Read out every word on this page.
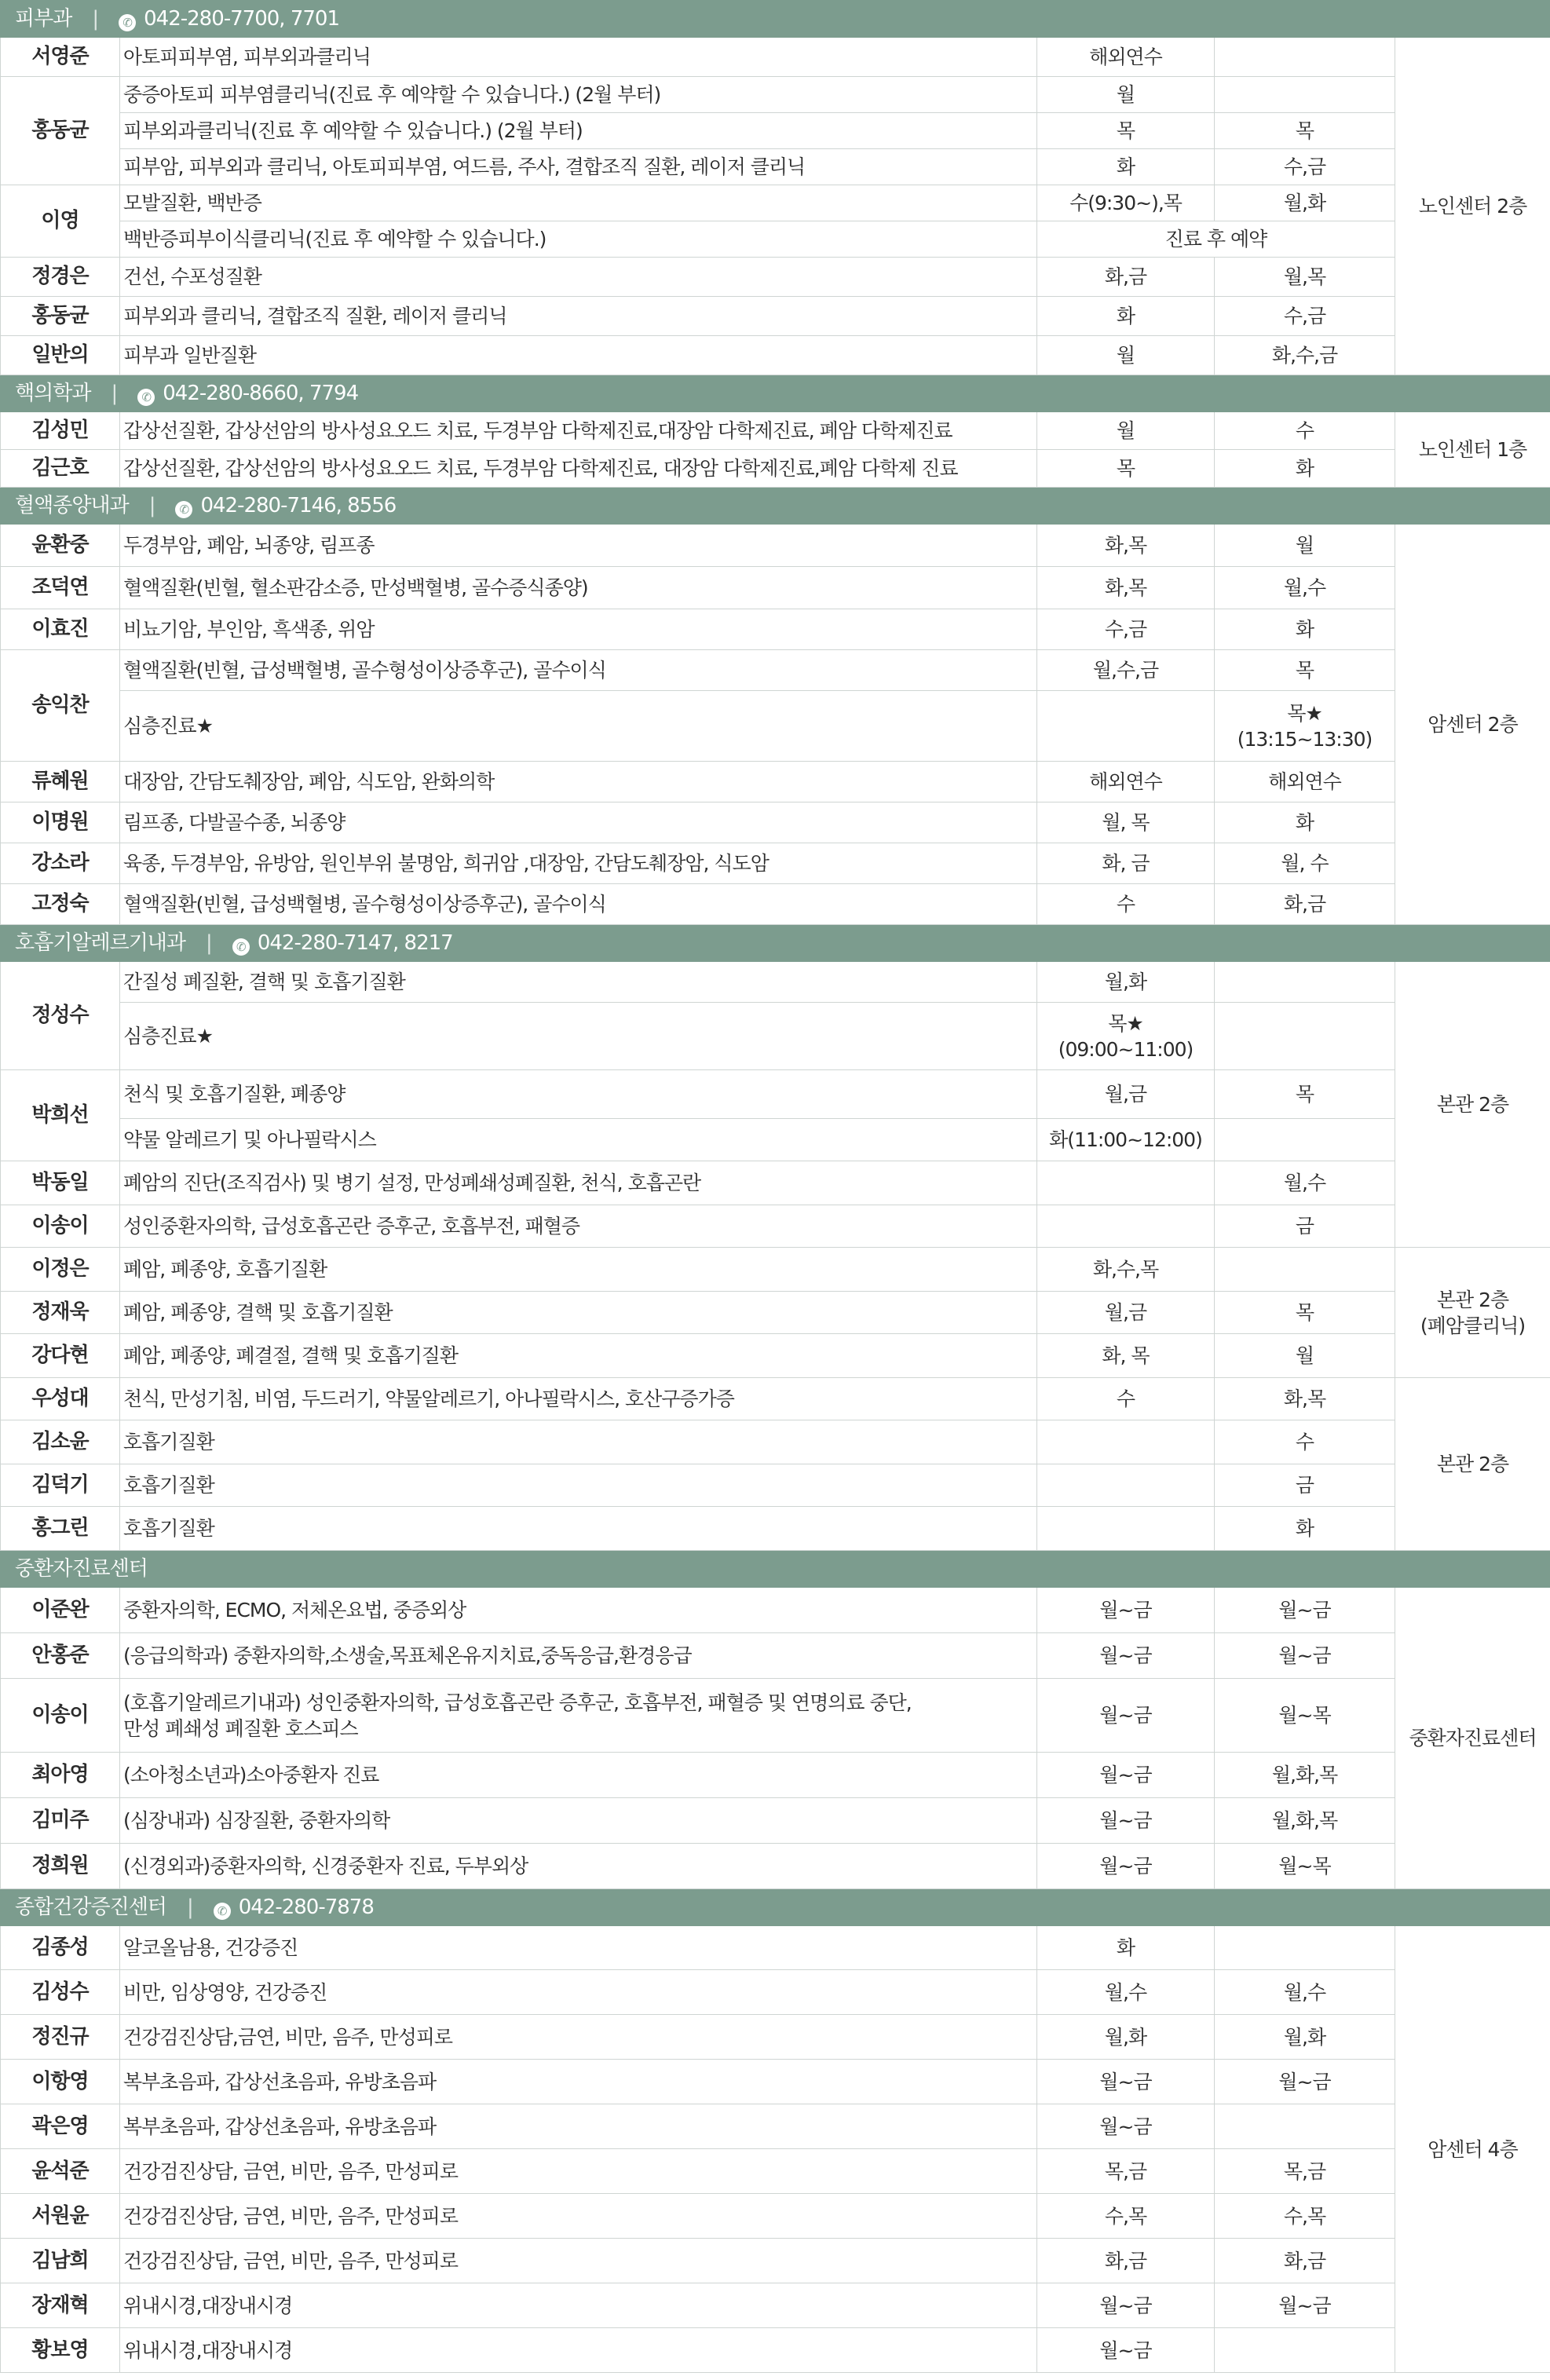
피부과 | ✆ 042-280-7700, 7701				
서영준	아토피피부염, 피부외과클리닉	해외연수		노인센터 2층
홍동균	중증아토피 피부염클리닉(진료 후 예약할 수 있습니다.) (2월 부터)	월		
	피부외과클리닉(진료 후 예약할 수 있습니다.) (2월 부터)	목	목	
	피부암, 피부외과 클리닉, 아토피피부염, 여드름, 주사, 결합조직 질환, 레이저 클리닉	화	수,금	
이영	모발질환, 백반증	수(9:30~),목	월,화	
	백반증피부이식클리닉(진료 후 예약할 수 있습니다.)	진료 후 예약		
정경은	건선, 수포성질환	화,금	월,목	
홍동균	피부외과 클리닉, 결합조직 질환, 레이저 클리닉	화	수,금	
일반의	피부과 일반질환	월	화,수,금	
핵의학과 | ✆ 042-280-8660, 7794				
김성민	갑상선질환, 갑상선암의 방사성요오드 치료, 두경부암 다학제진료,대장암 다학제진료, 폐암 다학제진료	월	수	노인센터 1층
김근호	갑상선질환, 갑상선암의 방사성요오드 치료, 두경부암 다학제진료, 대장암 다학제진료,폐암 다학제 진료	목	화	
혈액종양내과 | ✆ 042-280-7146, 8556				
윤환중	두경부암, 폐암, 뇌종양, 림프종	화,목	월	암센터 2층
조덕연	혈액질환(빈혈, 혈소판감소증, 만성백혈병, 골수증식종양)	화,목	월,수	
이효진	비뇨기암, 부인암, 흑색종, 위암	수,금	화	
송익찬	혈액질환(빈혈, 급성백혈병, 골수형성이상증후군), 골수이식	월,수,금	목	
	심층진료★		목★
(13:15~13:30)	

류혜원	대장암, 간담도췌장암, 폐암, 식도암, 완화의학	해외연수	해외연수	
이명원	림프종, 다발골수종, 뇌종양	월, 목	화	
강소라	육종, 두경부암, 유방암, 원인부위 불명암, 희귀암 ,대장암, 간담도췌장암, 식도암	화, 금	월, 수	
고정숙	혈액질환(빈혈, 급성백혈병, 골수형성이상증후군), 골수이식	수	화,금	
호흡기알레르기내과 | ✆ 042-280-7147, 8217				
정성수	간질성 폐질환, 결핵 및 호흡기질환	월,화		본관 2층
	심층진료★	목★
(09:00~11:00)		

박희선	천식 및 호흡기질환, 폐종양	월,금	목	
	약물 알레르기 및 아나필락시스	화(11:00~12:00)		
박동일	폐암의 진단(조직검사) 및 병기 설정, 만성폐쇄성폐질환, 천식, 호흡곤란		월,수	
이송이	성인중환자의학, 급성호흡곤란 증후군, 호흡부전, 패혈증		금	
이정은	폐암, 폐종양, 호흡기질환	화,수,목		본관 2층
(폐암클리닉)

정재욱	폐암, 폐종양, 결핵 및 호흡기질환	월,금	목	
강다현	폐암, 폐종양, 폐결절, 결핵 및 호흡기질환	화, 목	월	
우성대	천식, 만성기침, 비염, 두드러기, 약물알레르기, 아나필락시스, 호산구증가증	수	화,목	본관 2층
김소윤	호흡기질환		수	
김덕기	호흡기질환		금	
홍그린	호흡기질환		화	
중환자진료센터				
이준완	중환자의학, ECMO, 저체온요법, 중증외상	월~금	월~금	중환자진료센터
안홍준	(응급의학과) 중환자의학,소생술,목표체온유지치료,중독응급,환경응급	월~금	월~금	
이송이	(호흡기알레르기내과) 성인중환자의학, 급성호흡곤란 증후군, 호흡부전, 패혈증 및 연명의료 중단,
만성 폐쇄성 폐질환 호스피스	월~금	월~목	
최아영	(소아청소년과)소아중환자 진료	월~금	월,화,목	
김미주	(심장내과) 심장질환, 중환자의학	월~금	월,화,목	
정희원	(신경외과)중환자의학, 신경중환자 진료, 두부외상	월~금	월~목	
종합건강증진센터 | ✆ 042-280-7878				
김종성	알코올남용, 건강증진	화		암센터 4층
김성수	비만, 임상영양, 건강증진	월,수	월,수	
정진규	건강검진상담,금연, 비만, 음주, 만성피로	월,화	월,화	
이항영	복부초음파, 갑상선초음파, 유방초음파	월~금	월~금	
곽은영	복부초음파, 갑상선초음파, 유방초음파	월~금		
윤석준	건강검진상담, 금연, 비만, 음주, 만성피로	목,금	목,금	
서원윤	건강검진상담, 금연, 비만, 음주, 만성피로	수,목	수,목	
김남희	건강검진상담, 금연, 비만, 음주, 만성피로	화,금	화,금	
장재혁	위내시경,대장내시경	월~금	월~금	
황보영	위내시경,대장내시경	월~금		
